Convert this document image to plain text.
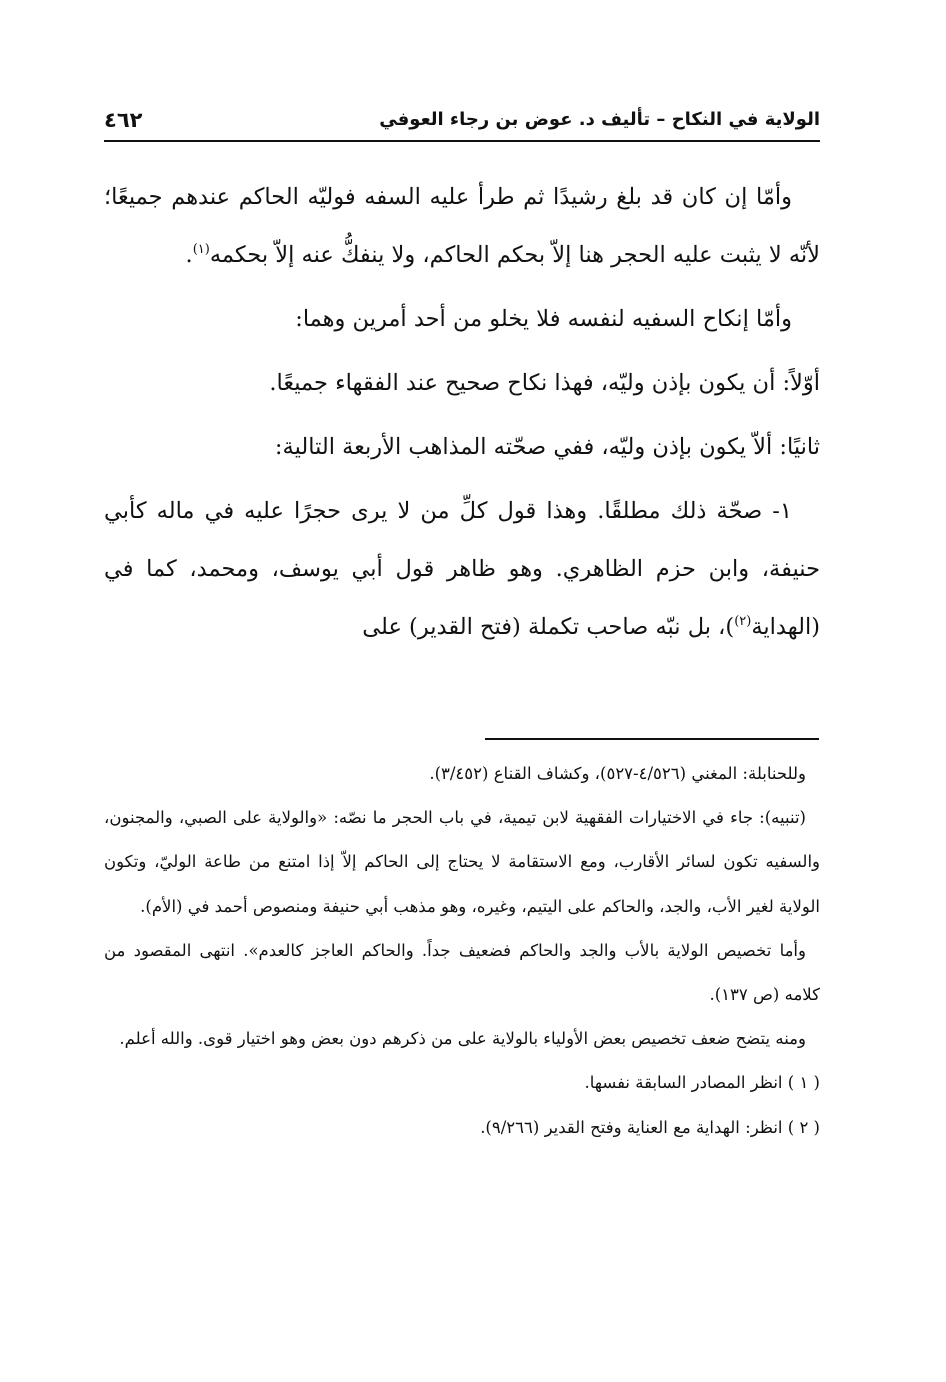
الولاية في النكاح – تأليف د. عوض بن رجاء العوفي
٤٦٢

وأمّا إن كان قد بلغ رشيدًا ثم طرأ عليه السفه فوليّه الحاكم عندهم جميعًا؛ لأنّه لا يثبت عليه الحجر هنا إلاّ بحكم الحاكم، ولا ينفكُّ عنه إلاّ بحكمه$^{(١)}$.

وأمّا إنكاح السفيه لنفسه فلا يخلو من أحد أمرين وهما:

أوّلاً: أن يكون بإذن وليّه، فهذا نكاح صحيح عند الفقهاء جميعًا.

ثانيًا: ألاّ يكون بإذن وليّه، ففي صحّته المذاهب الأربعة التالية:

١- صحّة ذلك مطلقًا. وهذا قول كلِّ من لا يرى حجرًا عليه في ماله كأبي حنيفة، وابن حزم الظاهري. وهو ظاهر قول أبي يوسف، ومحمد، كما في (الهداية$^{(٢)}$)، بل نبّه صاحب تكملة (فتح القدير) على

وللحنابلة: المغني (٤/٥٢٦-٥٢٧)، وكشاف القناع (٣/٤٥٢).

(تنبيه): جاء في الاختيارات الفقهية لابن تيمية، في باب الحجر ما نصّه: «والولاية على الصبي، والمجنون، والسفيه تكون لسائر الأقارب، ومع الاستقامة لا يحتاج إلى الحاكم إلاّ إذا امتنع من طاعة الوليّ، وتكون الولاية لغير الأب، والجد، والحاكم على اليتيم، وغيره، وهو مذهب أبي حنيفة ومنصوص أحمد في (الأم).

وأما تخصيص الولاية بالأب والجد والحاكم فضعيف جداً. والحاكم العاجز كالعدم». انتهى المقصود من كلامه (ص ١٣٧).

ومنه يتضح ضعف تخصيص بعض الأولياء بالولاية على من ذكرهم دون بعض وهو اختيار قوى. والله أعلم.

( ١ ) انظر المصادر السابقة نفسها.

( ٢ ) انظر: الهداية مع العناية وفتح القدير (٩/٢٦٦).
